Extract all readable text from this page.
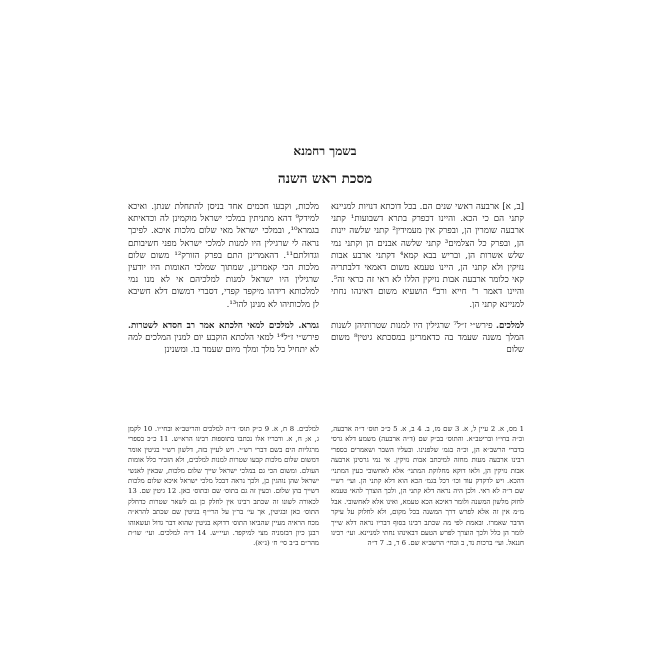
בשמך רחמנא
מסכת ראש השנה

[ב, א] ארבעה ראשי שנים הם. בכל דוכתא דנויות למניינא קתני הם כי הכא. והיינו דכפרק בתרא דשבועות¹ קתני ארבעה שומרין הן, ובפרק אין מעמידין² קתני שלשה יינות הן, ובפרק כל הצלמים³ קתני שלשה אבנים הן וקתני נמי שלש אשרות הן, ובריש בבא קמא⁴ דקתני ארבע אבות נזיקין ולא קתני הן, היינו טעמא משום דאמאי דלבתריה קאי כלומר ארבעה אבות נזיקין הללו לא ראי זה כראי זה⁵. והיינו דאמר ר' חייא ורב⁶ הושעיא משום דאינהו נחתי למניינא קתני הן.

למלכים. פירש״י ז״ל⁷ שרגילין היו למנות שטרותיהן לשנות המלך משנה שעמד בה כדאמרינן במסכתא גיטין⁸ משום שלום

מלכות, וקבעו חכמים אחד בניסן להתחלת שנתן. ואיכא למידק⁹ דהא מתניתין במלכי ישראל מוקמינן לה וכדאיתא בגמרא¹⁰, ובמלכי ישראל מאי שלום מלכות איכא. לפיכך נראה לי שרגילין היו למנות למלכי ישראל מפני חשיבותם וגדולתם¹¹. דהאמרינן התם בפרק הזורק¹² משום שלום מלכות הכי קאמרינן, שמתוך שמלכי האומות היו יודעין שרגילין היו ישראל למנות למלכיהם אי לא מנו נמי למלכותא דידהו מיקפד קפדי, דסברי דמשום דלא חשיבא לן מלכותיהו לא מנינן להו¹³.

גמרא. למלכים למאי הלכתא אמר רב חסדא לשטרות. פירש״י ז״ל¹⁴ למאי הלכתא הוקבע יום למנין המלכים למה לא יתחיל כל מלך ומלך מיום שעמד בו. ומשנינן

1 מס, א. 2 עיין ל, א. 3 שם מז, ב. 4 ב, א. 5 כ״כ תוס׳ ד״ה ארבעה, וכ״ה בחי״ו ובריטב״א. והתוס׳ בב״ק שם (ד״ה ארבעה) משמע דלא גרסי בדברי הרשב״א הן, וכ״ה בגמ׳ שלפנינו. ובעליו השבר ושאמרים בספרי רבינו ארבעה מעות מחזה למיכתב אבות נזיקין. אי נמי גרסינן ארבעה אבות נזיקין הן, ולאו דוקא מחלוקת המתני׳ אלא לאחשובי כעין המתני׳ דהכא. ויש לדקדק עוד וכו׳ דכל בגמ׳ הכא הוא דלא קתני הן. ועי׳ רש״י שם ד״ה לא ראי. ולכן היה נראה דלא קתני הן, ולכך הוצרך להאי טעמא לחזק מלשון המשנה ולומר דאיכא הכא טעמא, ואינו אלא לאחשובי. אבל מ״מ אין זה אלא לפרש דרך המשנה בכל מקום, ולא לחלוק על עיקר הדבר שאמרו. ובאמת לפי מה שכתב רבינו בסוף דבריו נראה דלא שייך לומר הן כלל ולכך הוצרך לפרש הטעם דבאינהו נחתי למניינא. ועי׳ רבינו חננאל. ועי׳ ברכות נד, ב ובחי׳ הרשב״א שם. 6 ד, ב. 7 ד״ה
למלכים. 8 ח, א. 9 כ״ק תוס׳ ד״ה למלכים והריטב״א ובחי״ו. 10 לקמן ג, א; ח, א. ודבריו אלו נכתבו בתוספות רבינו הרא״ש. 11 כ״כ בספרי מרגליות הים בשם דברי רש״י. ויש לעיין בזה, דלשון רש״י בגיטין אומר דמשום שלום מלכות קבעו שטרות למנות למלכים, ולא הזכיר כלל אומות העולם. ומשום הכי גם במלכי ישראל שייך שלום מלכות, שבאין לאנשי ישראל שהן נוהגין כן, ולכך נראה דבכל מלכי ישראל איכא שלום מלכות דשייך בהן שלום. וכעין זה גם בתוס׳ שם ובתוס׳ כאן. 12 גיטין שם. 13 לכאורה לשונו זה שכתב רבינו אין לחלק כן גם לשאר שטרות כדחלק התוס׳ כאן ובגיטין, אך עי׳ בר״ן על הרי״ף בגיטין שם שכתב להרא״ה מכח הראיה מעיין שהביאו התוס׳ דדוקא בגיטין שהוא דבר גדול ועשאוהו רבנן כיון דבזמניה מצי למיקפד. ועיי״ש. 14 ד״ה למלכים. ועי׳ שו״ת מהר״ם ב״ב סי׳ ח׳ (נ״א).
